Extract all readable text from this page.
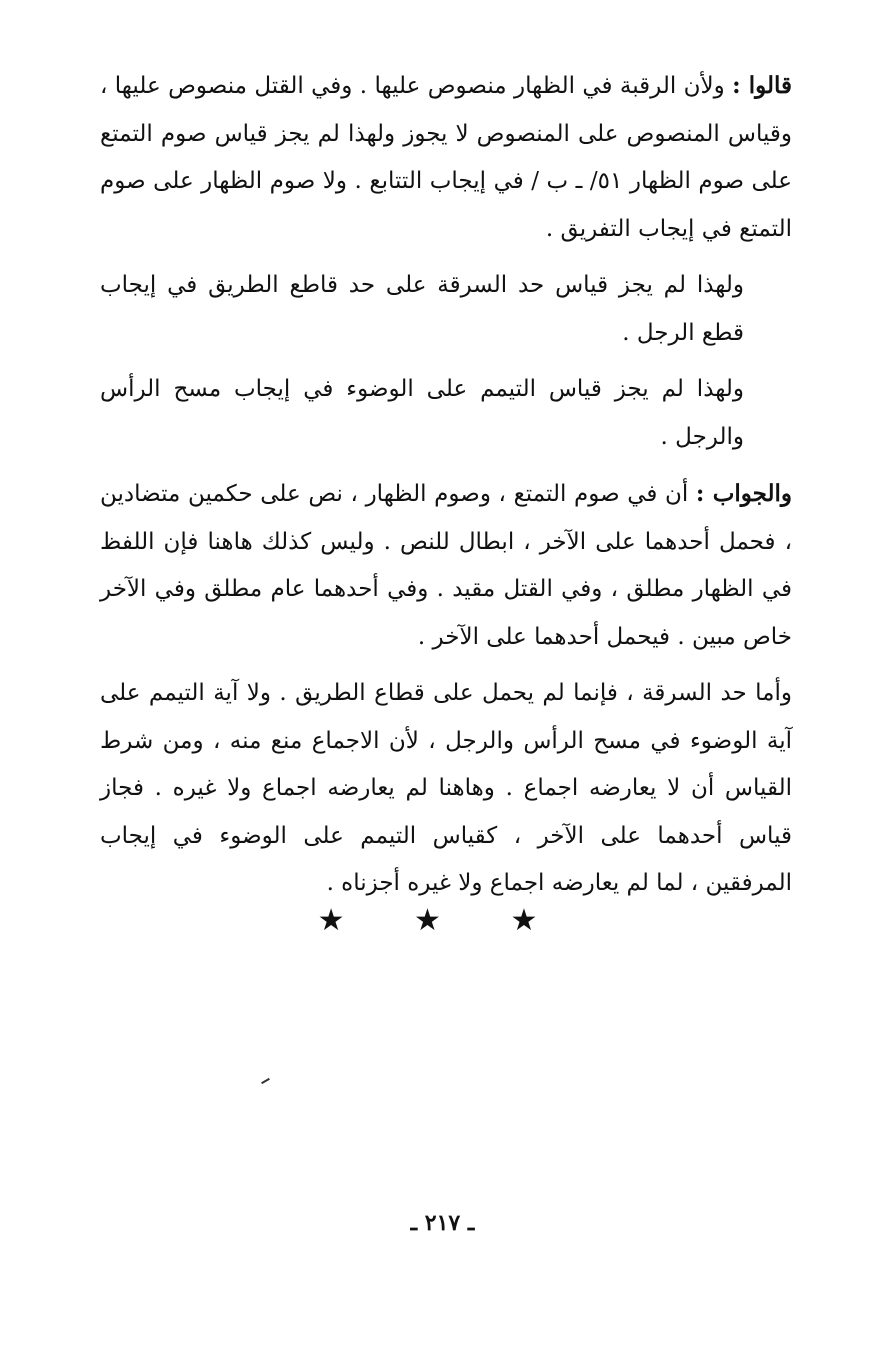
قالوا : ولأن الرقبة في الظهار منصوص عليها . وفي القتل منصوص عليها ، وقياس المنصوص على المنصوص لا يجوز ولهذا لم يجز قياس صوم التمتع على صوم الظهار ٥١/ ـ ب / في إيجاب التتابع . ولا صوم الظهار على صوم التمتع في إيجاب التفريق .

ولهذا لم يجز قياس حد السرقة على حد قاطع الطريق في إيجاب قطع الرجل .

ولهذا لم يجز قياس التيمم على الوضوء في إيجاب مسح الرأس والرجل .

والجواب : أن في صوم التمتع ، وصوم الظهار ، نص على حكمين متضادين ، فحمل أحدهما على الآخر ، ابطال للنص . وليس كذلك هاهنا فإن اللفظ في الظهار مطلق ، وفي القتل مقيد . وفي أحدهما عام مطلق وفي الآخر خاص مبين . فيحمل أحدهما على الآخر .

وأما حد السرقة ، فإنما لم يحمل على قطاع الطريق . ولا آية التيمم على آية الوضوء في مسح الرأس والرجل ، لأن الاجماع منع منه ، ومن شرط القياس أن لا يعارضه اجماع . وهاهنا لم يعارضه اجماع ولا غيره . فجاز قياس أحدهما على الآخر ، كقياس التيمم على الوضوء في إيجاب المرفقين ، لما لم يعارضه اجماع ولا غيره أجزناه .

★ ★ ★
ـ ٢١٧ ـ
